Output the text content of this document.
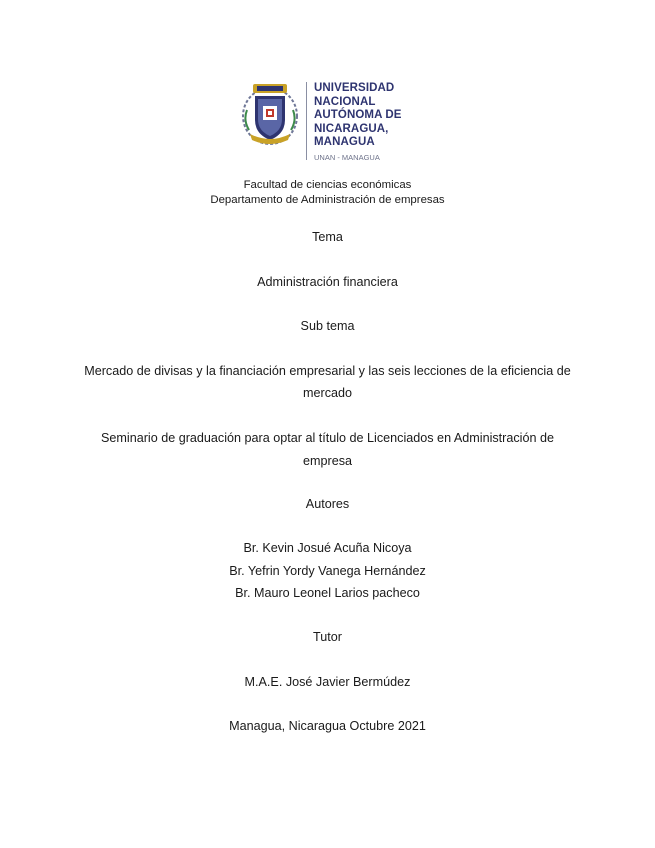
UNIVERSIDAD
NACIONAL
AUTÓNOMA DE
NICARAGUA,
MANAGUA
UNAN - MANAGUA
Facultad de ciencias económicas
Departamento de Administración de empresas
Tema
Administración financiera
Sub tema
Mercado de divisas y la financiación empresarial y las seis lecciones de la eficiencia de
mercado
Seminario de graduación para optar al título de Licenciados en Administración de
empresa
Autores
Br. Kevin Josué Acuña Nicoya
Br. Yefrin Yordy Vanega Hernández
Br. Mauro Leonel Larios pacheco
Tutor
M.A.E. José Javier Bermúdez
Managua, Nicaragua Octubre 2021
